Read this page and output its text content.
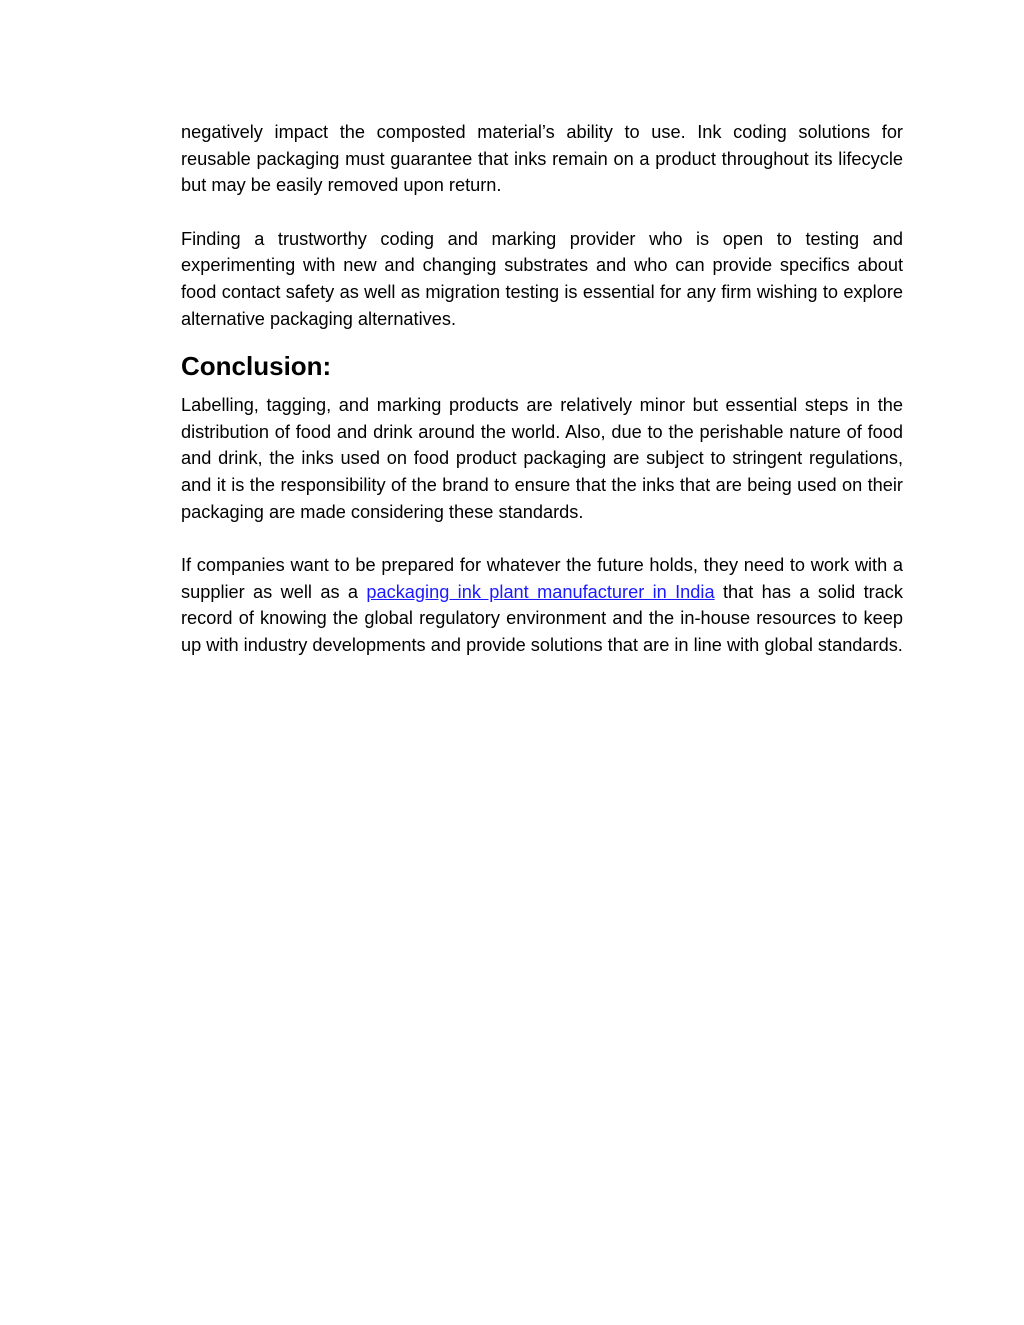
negatively impact the composted material’s ability to use. Ink coding solutions for reusable packaging must guarantee that inks remain on a product throughout its lifecycle but may be easily removed upon return.

Finding a trustworthy coding and marking provider who is open to testing and experimenting with new and changing substrates and who can provide specifics about food contact safety as well as migration testing is essential for any firm wishing to explore alternative packaging alternatives.

Conclusion:

Labelling, tagging, and marking products are relatively minor but essential steps in the distribution of food and drink around the world. Also, due to the perishable nature of food and drink, the inks used on food product packaging are subject to stringent regulations, and it is the responsibility of the brand to ensure that the inks that are being used on their packaging are made considering these standards.

If companies want to be prepared for whatever the future holds, they need to work with a supplier as well as a packaging ink plant manufacturer in India that has a solid track record of knowing the global regulatory environment and the in-house resources to keep up with industry developments and provide solutions that are in line with global standards.
